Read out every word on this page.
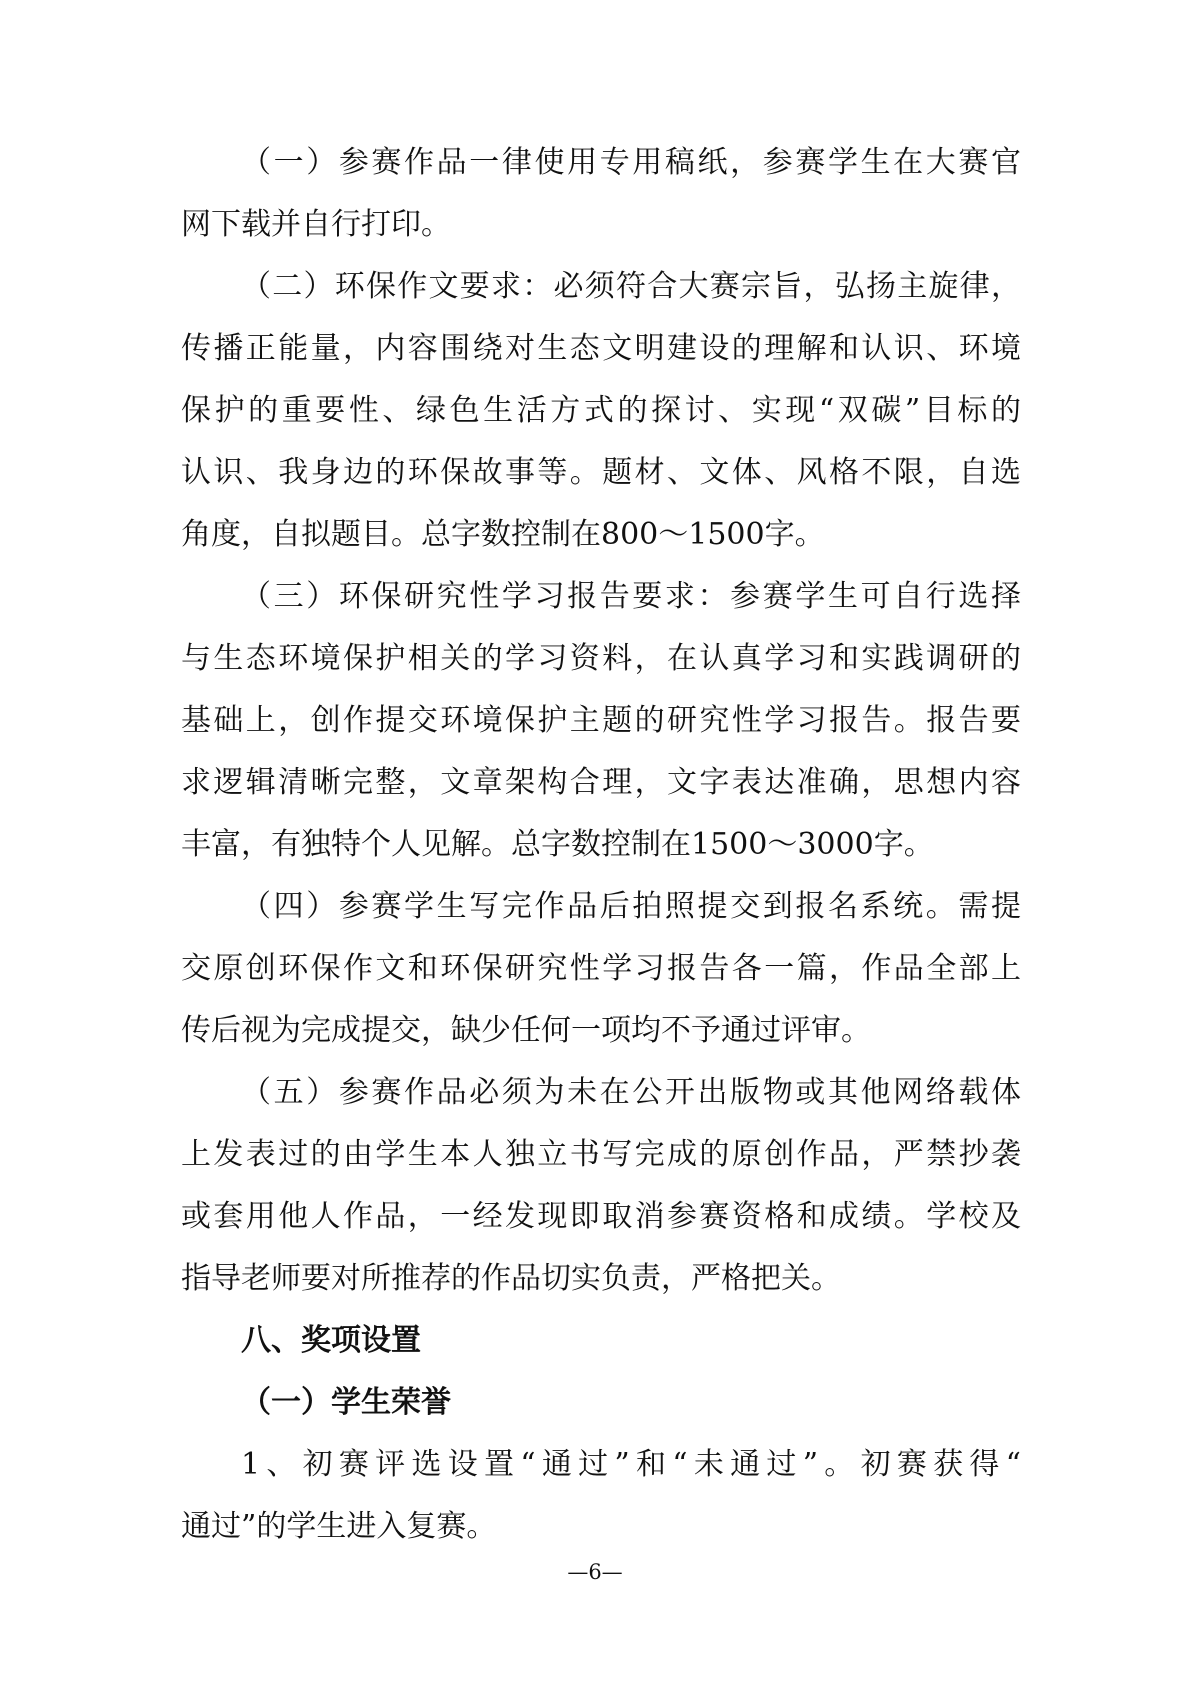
（一）参赛作品一律使用专用稿纸，参赛学生在大赛官
网下载并自行打印。
（二）环保作文要求：必须符合大赛宗旨，弘扬主旋律，
传播正能量，内容围绕对生态文明建设的理解和认识、环境
保护的重要性、绿色生活方式的探讨、实现“双碳”目标的
认识、我身边的环保故事等。题材、文体、风格不限，自选
角度，自拟题目。总字数控制在800～1500字。
（三）环保研究性学习报告要求：参赛学生可自行选择
与生态环境保护相关的学习资料，在认真学习和实践调研的
基础上，创作提交环境保护主题的研究性学习报告。报告要
求逻辑清晰完整，文章架构合理，文字表达准确，思想内容
丰富，有独特个人见解。总字数控制在1500～3000字。
（四）参赛学生写完作品后拍照提交到报名系统。需提
交原创环保作文和环保研究性学习报告各一篇，作品全部上
传后视为完成提交，缺少任何一项均不予通过评审。
（五）参赛作品必须为未在公开出版物或其他网络载体
上发表过的由学生本人独立书写完成的原创作品，严禁抄袭
或套用他人作品，一经发现即取消参赛资格和成绩。学校及
指导老师要对所推荐的作品切实负责，严格把关。
八、奖项设置
（一）学生荣誉
1、初赛评选设置“通过”和“未通过”。初赛获得“
通过”的学生进入复赛。
—6—
